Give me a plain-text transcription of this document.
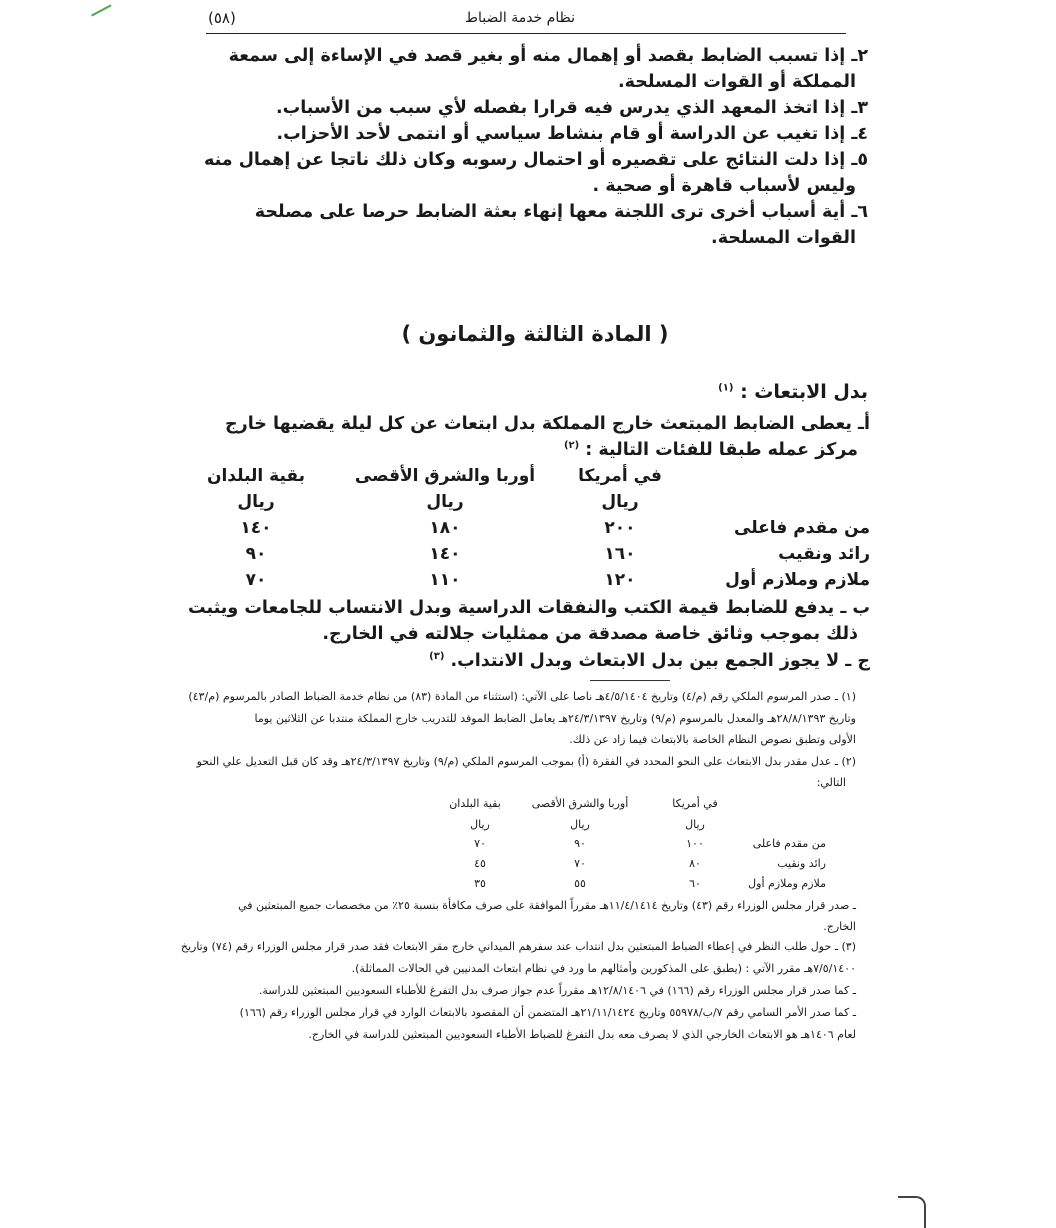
نظام خدمة الضباط
(٥٨)
٢ـ إذا تسبب الضابط بقصد أو إهمال منه أو بغير قصد في الإساءة إلى سمعة
المملكة أو القوات المسلحة.
٣ـ إذا اتخذ المعهد الذي يدرس فيه قرارا بفصله لأي سبب من الأسباب.
٤ـ إذا تغيب عن الدراسة أو قام بنشاط سياسي أو انتمى لأحد الأحزاب.
٥ـ إذا دلت النتائج على تقصيره أو احتمال رسوبه وكان ذلك ناتجا عن إهمال منه
وليس لأسباب قاهرة أو صحية .
٦ـ أية أسباب أخرى ترى اللجنة معها إنهاء بعثة الضابط حرصا على مصلحة
القوات المسلحة.
( المادة الثالثة والثمانون )
بدل الابتعاث : $^{(١)}$
أـ يعطى الضابط المبتعث خارج المملكة بدل ابتعاث عن كل ليلة يقضيها خارج
مركز عمله طبقا للفئات التالية : $^{(٢)}$
في أمريكا
أوربا والشرق الأقصى
بقية البلدان
ريال
ريال
ريال
من مقدم فاعلى
٢٠٠
١٨٠
١٤٠
رائد ونقيب
١٦٠
١٤٠
٩٠
ملازم وملازم أول
١٢٠
١١٠
٧٠
ب ـ يدفع للضابط قيمة الكتب والنفقات الدراسية وبدل الانتساب للجامعات ويثبت
ذلك بموجب وثائق خاصة مصدقة من ممثليات جلالته في الخارج.
ج ـ لا يجوز الجمع بين بدل الابتعاث وبدل الانتداب. $^{(٣)}$
(١) ـ صدر المرسوم الملكي رقم (م/٤) وتاريخ ٤/٥/١٤٠٤هـ ناصا على الآتي: (استثناء من المادة (٨٣) من نظام خدمة الضباط الصادر بالمرسوم (م/٤٣)
وتاريخ ٢٨/٨/١٣٩٣هـ والمعدل بالمرسوم (م/٩) وتاريخ ٢٤/٣/١٣٩٧هـ يعامل الضابط الموفد للتدريب خارج المملكة منتدبا عن الثلاثين يوما
الأولى وتطبق نصوص النظام الخاصة بالابتعاث فيما زاد عن ذلك.
(٢) ـ عدل مقدر بدل الابتعاث على النحو المحدد في الفقرة (أ) بموجب المرسوم الملكي (م/٩) وتاريخ ٢٤/٣/١٣٩٧هـ وقد كان قبل التعديل علي النحو
التالي:
في أمريكا
أوربا والشرق الأقصى
بقية البلدان
ريال
ريال
ريال
من مقدم فاعلى
١٠٠
٩٠
٧٠
رائد ونقيب
٨٠
٧٠
٤٥
ملازم وملازم أول
٦٠
٥٥
٣٥
ـ صدر قرار مجلس الوزراء رقم (٤٣) وتاريخ ١١/٤/١٤١٤هـ مقرراً الموافقة على صرف مكافأة بنسبة ٢٥٪ من مخصصات جميع المبتعثين في
الخارج.
(٣) ـ حول طلب النظر في إعطاء الضباط المبتعثين بدل انتداب عند سفرهم الميداني خارج مقر الابتعاث فقد صدر قرار مجلس الوزراء رقم (٧٤) وتاريخ
٧/٥/١٤٠٠هـ مقرر الآتي : (يطبق على المذكورين وأمثالهم ما ورد في نظام ابتعاث المدنيين في الحالات المماثلة).
ـ كما صدر قرار مجلس الوزراء رقم (١٦٦) في ١٢/٨/١٤٠٦هـ مقرراً عدم جواز صرف بدل التفرغ للأطباء السعوديين المبتعثين للدراسة.
ـ كما صدر الأمر السامي رقم ٧/ب/٥٥٩٧٨ وتاريخ ٢١/١١/١٤٢٤هـ المتضمن أن المقصود بالابتعاث الوارد في قرار مجلس الوزراء رقم (١٦٦)
لعام ١٤٠٦هـ هو الابتعاث الخارجي الذي لا يصرف معه بدل التفرغ للضباط الأطباء السعوديين المبتعثين للدراسة في الخارج.
